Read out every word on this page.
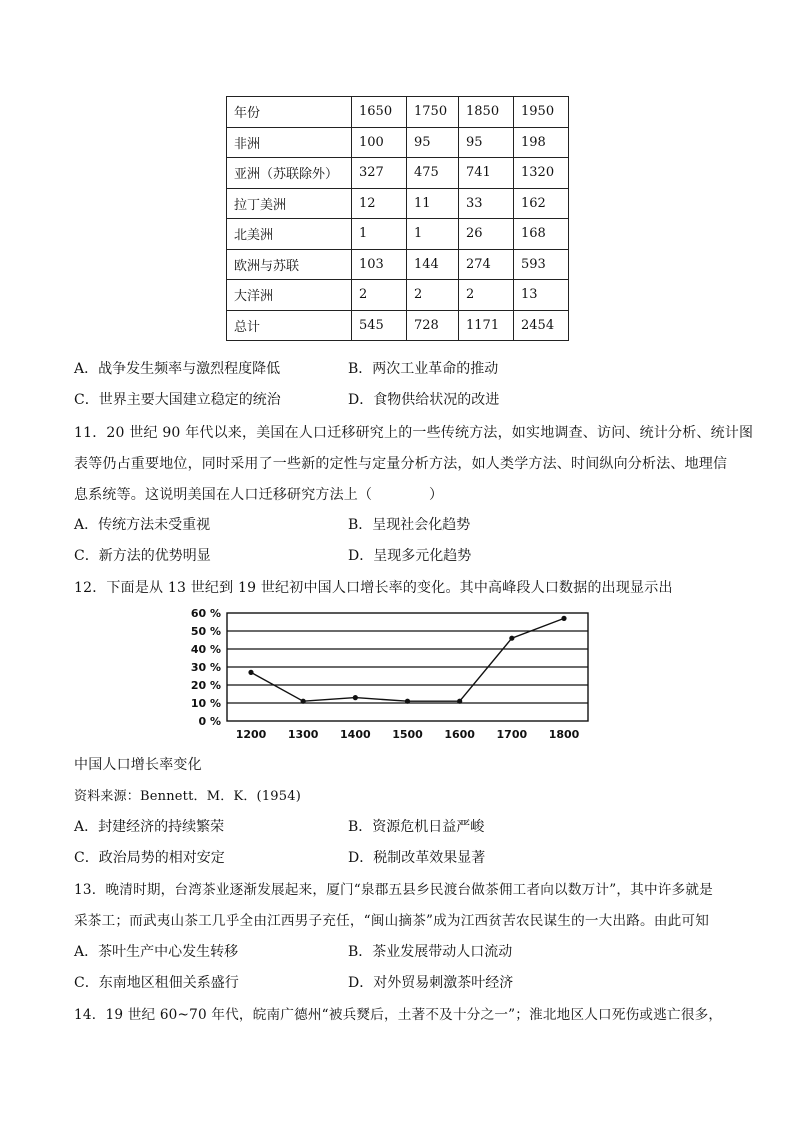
年份	1650	1750	1850	1950
非洲	100	95	95	198
亚洲（苏联除外）	327	475	741	1320
拉丁美洲	12	11	33	162
北美洲	1	1	26	168
欧洲与苏联	103	144	274	593
大洋洲	2	2	2	13
总计	545	728	1171	2454
A．战争发生频率与激烈程度降低	B．两次工业革命的推动
C．世界主要大国建立稳定的统治	D．食物供给状况的改进
11．20 世纪 90 年代以来，美国在人口迁移研究上的一些传统方法，如实地调查、访问、统计分析、统计图
表等仍占重要地位，同时采用了一些新的定性与定量分析方法，如人类学方法、时间纵向分析法、地理信
息系统等。这说明美国在人口迁移研究方法上（　　　　）
A．传统方法未受重视	B．呈现社会化趋势
C．新方法的优势明显	D．呈现多元化趋势
12．下面是从 13 世纪到 19 世纪初中国人口增长率的变化。其中高峰段人口数据的出现显示出
0 %
10 %
20 %
30 %
40 %
50 %
60 %
1200 1300 1400 1500 1600 1700 1800
中国人口增长率变化
资料来源：Bennett．M．K．(1954)
A．封建经济的持续繁荣	B．资源危机日益严峻
C．政治局势的相对安定	D．税制改革效果显著
13．晚清时期，台湾茶业逐渐发展起来，厦门“泉郡五县乡民渡台做茶佣工者向以数万计”，其中许多就是
采茶工；而武夷山茶工几乎全由江西男子充任，“闽山摘茶”成为江西贫苦农民谋生的一大出路。由此可知
A．茶叶生产中心发生转移	B．茶业发展带动人口流动
C．东南地区租佃关系盛行	D．对外贸易刺激茶叶经济
14．19 世纪 60~70 年代，皖南广德州“被兵燹后，土著不及十分之一”；淮北地区人口死伤或逃亡很多，
